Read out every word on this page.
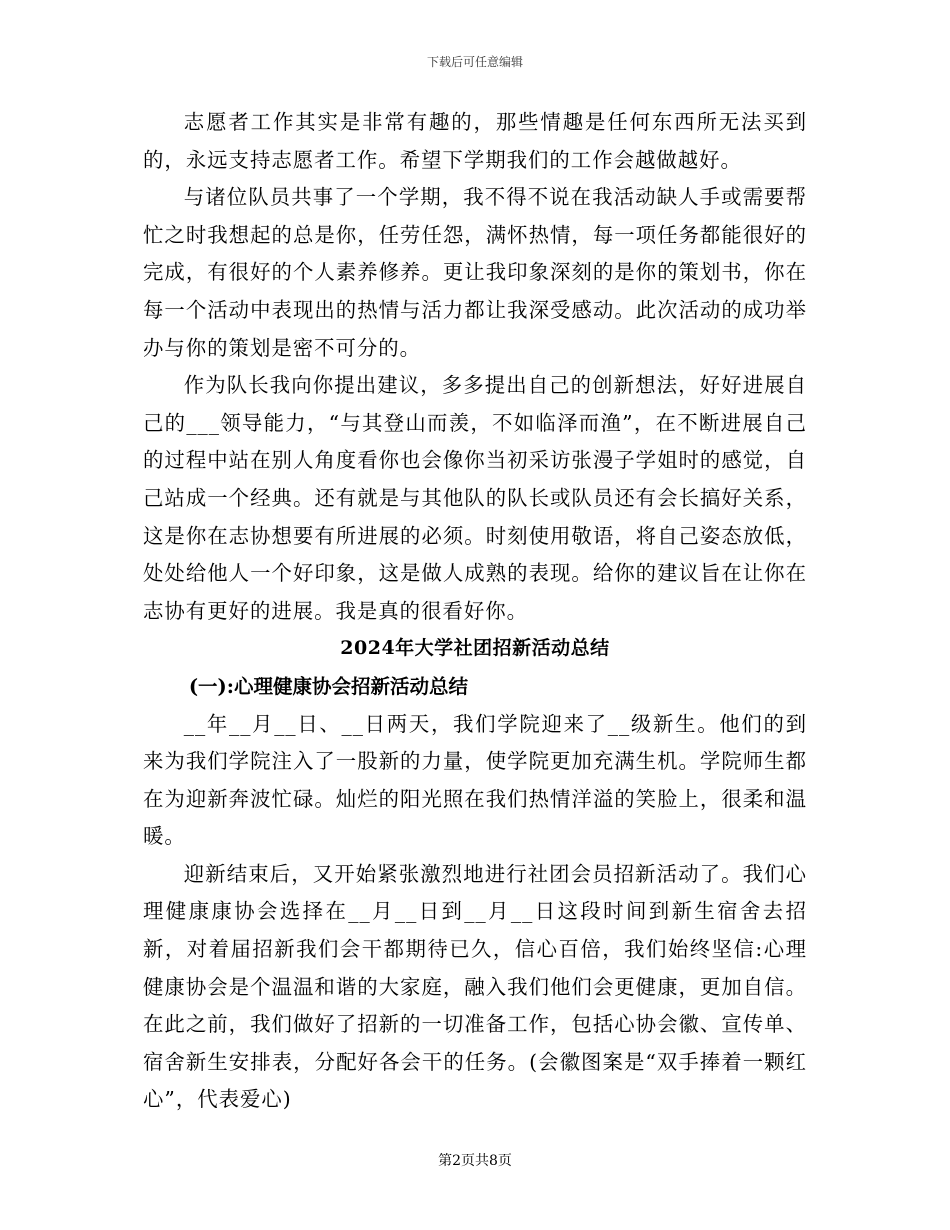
下载后可任意编辑

志愿者工作其实是非常有趣的，那些情趣是任何东西所无法买到的，永远支持志愿者工作。希望下学期我们的工作会越做越好。

与诸位队员共事了一个学期，我不得不说在我活动缺人手或需要帮忙之时我想起的总是你，任劳任怨，满怀热情，每一项任务都能很好的完成，有很好的个人素养修养。更让我印象深刻的是你的策划书，你在每一个活动中表现出的热情与活力都让我深受感动。此次活动的成功举办与你的策划是密不可分的。

作为队长我向你提出建议，多多提出自己的创新想法，好好进展自己的___领导能力，“与其登山而羡，不如临泽而渔”，在不断进展自己的过程中站在别人角度看你也会像你当初采访张漫子学姐时的感觉，自己站成一个经典。还有就是与其他队的队长或队员还有会长搞好关系，这是你在志协想要有所进展的必须。时刻使用敬语，将自己姿态放低，处处给他人一个好印象，这是做人成熟的表现。给你的建议旨在让你在志协有更好的进展。我是真的很看好你。

2024年大学社团招新活动总结

(一):心理健康协会招新活动总结

__年__月__日、__日两天，我们学院迎来了__级新生。他们的到来为我们学院注入了一股新的力量，使学院更加充满生机。学院师生都在为迎新奔波忙碌。灿烂的阳光照在我们热情洋溢的笑脸上，很柔和温暖。

迎新结束后，又开始紧张激烈地进行社团会员招新活动了。我们心理健康康协会选择在__月__日到__月__日这段时间到新生宿舍去招新，对着届招新我们会干都期待已久，信心百倍，我们始终坚信:心理健康协会是个温温和谐的大家庭，融入我们他们会更健康，更加自信。在此之前，我们做好了招新的一切准备工作，包括心协会徽、宣传单、宿舍新生安排表，分配好各会干的任务。(会徽图案是“双手捧着一颗红心”，代表爱心)

第2页共8页
